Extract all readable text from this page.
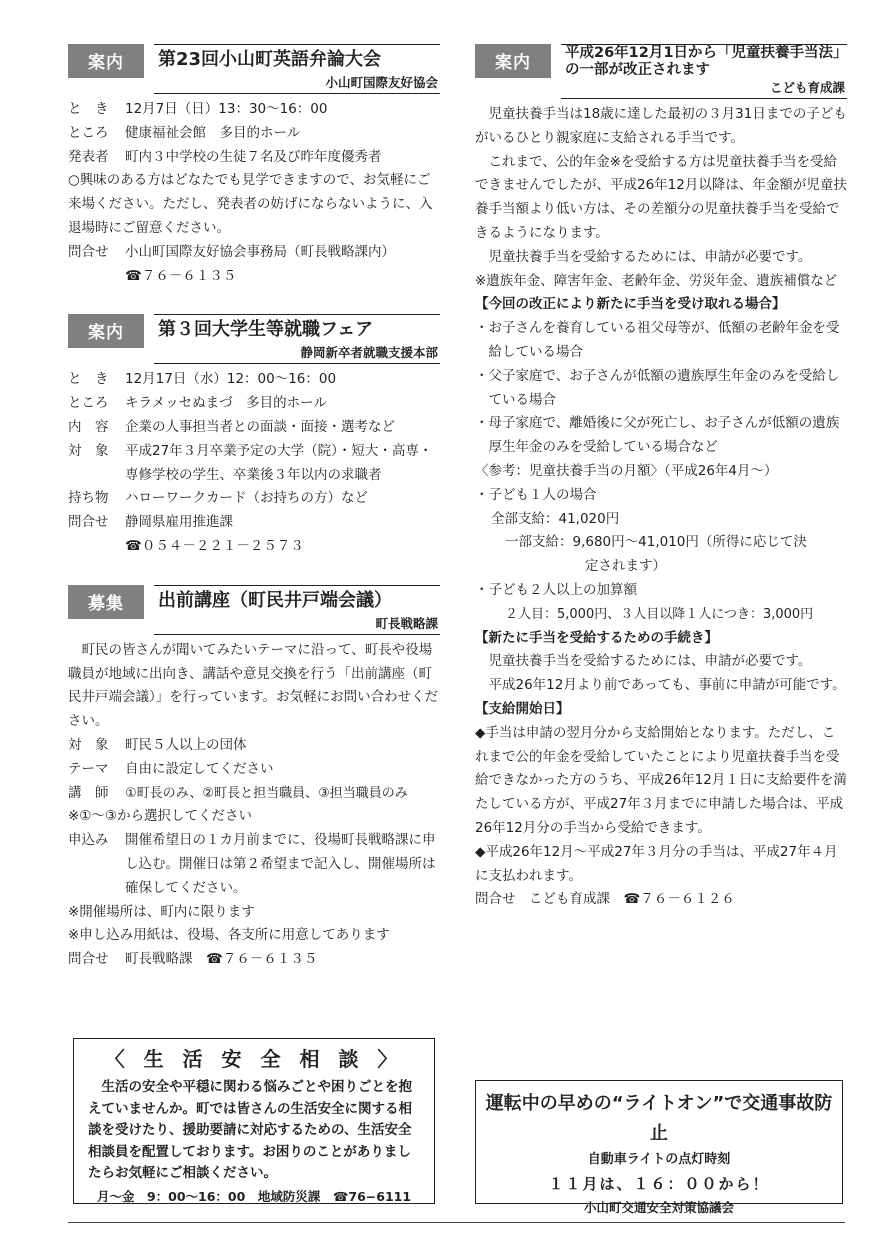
案内	第23回小山町英語弁論大会
小山町国際友好協会
と　き	12月7日（日）13：30〜16：00
ところ	健康福祉会館　多目的ホール
発表者	町内３中学校の生徒７名及び昨年度優秀者
○興味のある方はどなたでも見学できますので、お気軽にご来場ください。ただし、発表者の妨げにならないように、入退場時にご留意ください。
問合せ	小山町国際友好協会事務局（町長戦略課内）
☎７６－６１３５
案内	第３回大学生等就職フェア
静岡新卒者就職支援本部
と　き	12月17日（水）12：00〜16：00
ところ	キラメッセぬまづ　多目的ホール
内　容	企業の人事担当者との面談・面接・選考など
対　象	平成27年３月卒業予定の大学（院）・短大・高専・専修学校の学生、卒業後３年以内の求職者
持ち物	ハローワークカード（お持ちの方）など
問合せ	静岡県雇用推進課
☎０５４－２２１－２５７３
募集	出前講座（町民井戸端会議）
町長戦略課
町民の皆さんが聞いてみたいテーマに沿って、町長や役場職員が地域に出向き、講話や意見交換を行う「出前講座（町民井戸端会議）」を行っています。お気軽にお問い合わせください。
対　象	町民５人以上の団体
テーマ	自由に設定してください
講　師	①町長のみ、②町長と担当職員、③担当職員のみ
※①〜③から選択してください
申込み	開催希望日の１カ月前までに、役場町長戦略課に申し込む。開催日は第２希望まで記入し、開催場所は確保してください。
※開催場所は、町内に限ります
※申し込み用紙は、役場、各支所に用意してあります
問合せ	町長戦略課　☎７６－６１３５
〈 生 活 安 全 相 談 〉
生活の安全や平穏に関わる悩みごとや困りごとを抱えていませんか。町では皆さんの生活安全に関する相談を受けたり、援助要請に対応するための、生活安全相談員を配置しております。お困りのことがありましたらお気軽にご相談ください。
月〜金　9：00〜16：00　地域防災課　☎76−6111
案内	平成26年12月1日から「児童扶養手当法」の一部が改正されます
こども育成課
児童扶養手当は18歳に達した最初の３月31日までの子どもがいるひとり親家庭に支給される手当です。
これまで、公的年金※を受給する方は児童扶養手当を受給できませんでしたが、平成26年12月以降は、年金額が児童扶養手当額より低い方は、その差額分の児童扶養手当を受給できるようになります。
児童扶養手当を受給するためには、申請が必要です。
※遺族年金、障害年金、老齢年金、労災年金、遺族補償など
【今回の改正により新たに手当を受け取れる場合】
・お子さんを養育している祖父母等が、低額の老齢年金を受給している場合
・父子家庭で、お子さんが低額の遺族厚生年金のみを受給している場合
・母子家庭で、離婚後に父が死亡し、お子さんが低額の遺族厚生年金のみを受給している場合など
〈参考：児童扶養手当の月額〉（平成26年4月〜）
・子ども１人の場合
全部支給：41,020円
一部支給：9,680円〜41,010円（所得に応じて決
定されます）
・子ども２人以上の加算額
２人目：5,000円、３人目以降１人につき：3,000円
【新たに手当を受給するための手続き】
児童扶養手当を受給するためには、申請が必要です。
平成26年12月より前であっても、事前に申請が可能です。
【支給開始日】
◆手当は申請の翌月分から支給開始となります。ただし、これまで公的年金を受給していたことにより児童扶養手当を受給できなかった方のうち、平成26年12月１日に支給要件を満たしている方が、平成27年３月までに申請した場合は、平成26年12月分の手当から受給できます。
◆平成26年12月〜平成27年３月分の手当は、平成27年４月に支払われます。
問合せ　こども育成課　☎７６－６１２６
運転中の早めの“ライトオン”で交通事故防止
自動車ライトの点灯時刻
１１月は、１６：００から！
小山町交通安全対策協議会
